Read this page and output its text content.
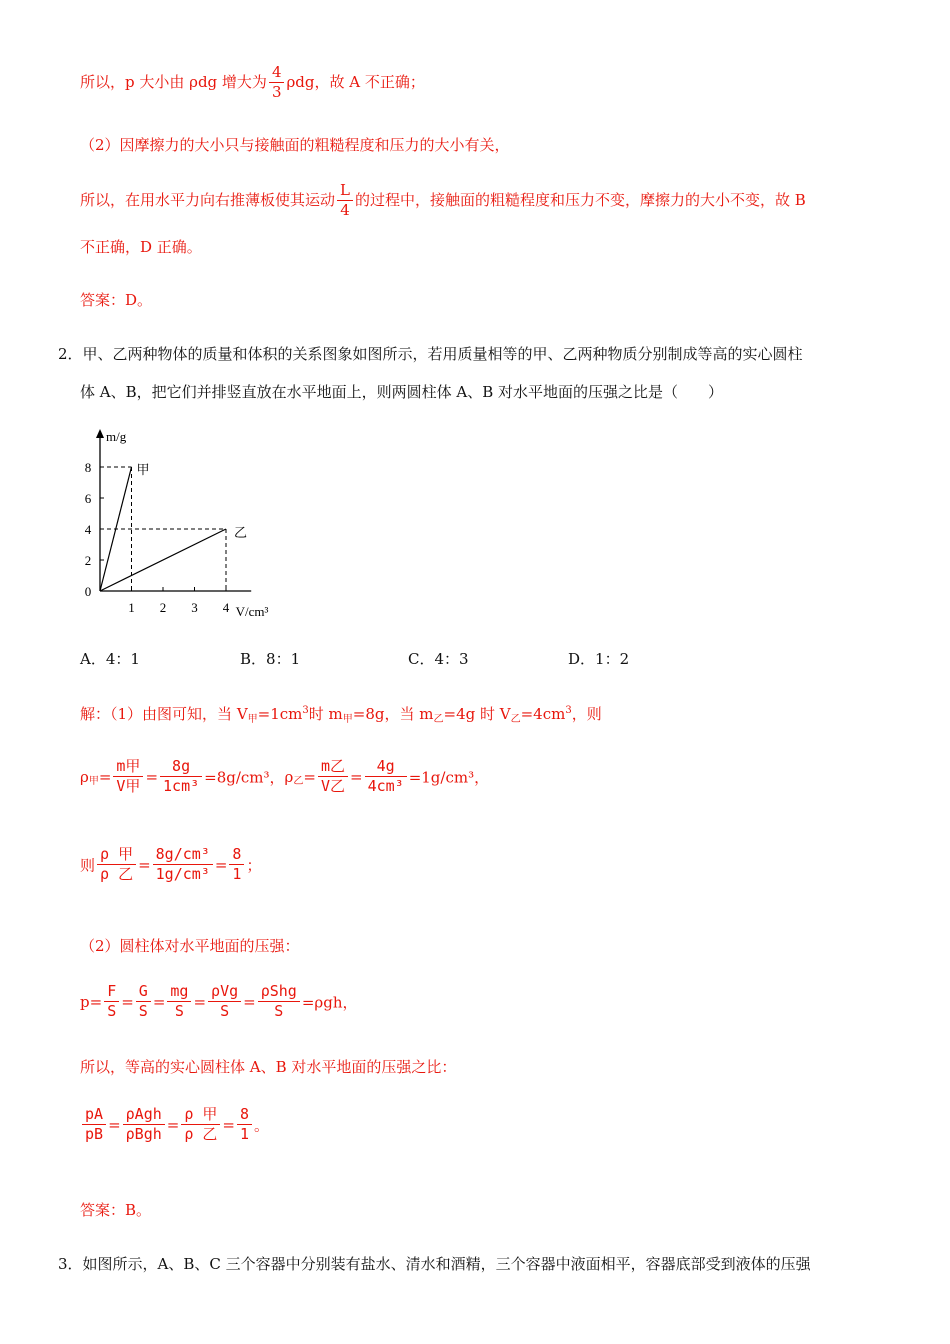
所以，p 大小由 ρdg 增大为 $\frac{4}{3}$ ρdg，故 A 不正确；
（2）因摩擦力的大小只与接触面的粗糙程度和压力的大小有关，
所以，在用水平力向右推薄板使其运动 $\frac{L}{4}$ 的过程中，接触面的粗糙程度和压力不变，摩擦力的大小不变，故 B
不正确，D 正确。
答案：D。
2．甲、乙两种物体的质量和体积的关系图象如图所示，若用质量相等的甲、乙两种物质分别制成等高的实心圆柱
体 A、B，把它们并排竖直放在水平地面上，则两圆柱体 A、B 对水平地面的压强之比是（　　）
m/g
V/cm³
0
1 2 3 4
2
4
6
8	甲
乙
A．4：1	B．8：1	C．4：3	D．1：2
解：（1）由图可知，当 $V_甲=1cm^3$时 $m_甲=8g$，当 $m_乙=4g$ 时 $V_乙=4cm^3$，则
$\rho_甲= \frac{\text{m甲}}{\text{V甲}} = \frac{8g}{\text{1cm³}} =8g/cm^3$，$\rho_乙= \frac{\text{m乙}}{\text{V乙}} = \frac{4g}{\text{4cm³}} =1g/cm^3$，
则 $\frac{\text{ρ 甲}}{\text{ρ 乙}} = \frac{\text{8g/cm³}}{\text{1g/cm³}} = \frac{8}{1}$ ；
（2）圆柱体对水平地面的压强：
$p= \frac{F}{S} = \frac{G}{S} = \frac{mg}{S} = \frac{\text{ρVg}}{S} = \frac{\text{ρShg}}{S} =\rho gh$，
所以，等高的实心圆柱体 A、B 对水平地面的压强之比：
$\frac{pA}{pB} = \frac{\text{ρAgh}}{\text{ρBgh}} = \frac{\text{ρ 甲}}{\text{ρ 乙}} = \frac{8}{1}$ 。
答案：B。
3．如图所示，A、B、C 三个容器中分别装有盐水、清水和酒精，三个容器中液面相平，容器底部受到液体的压强
